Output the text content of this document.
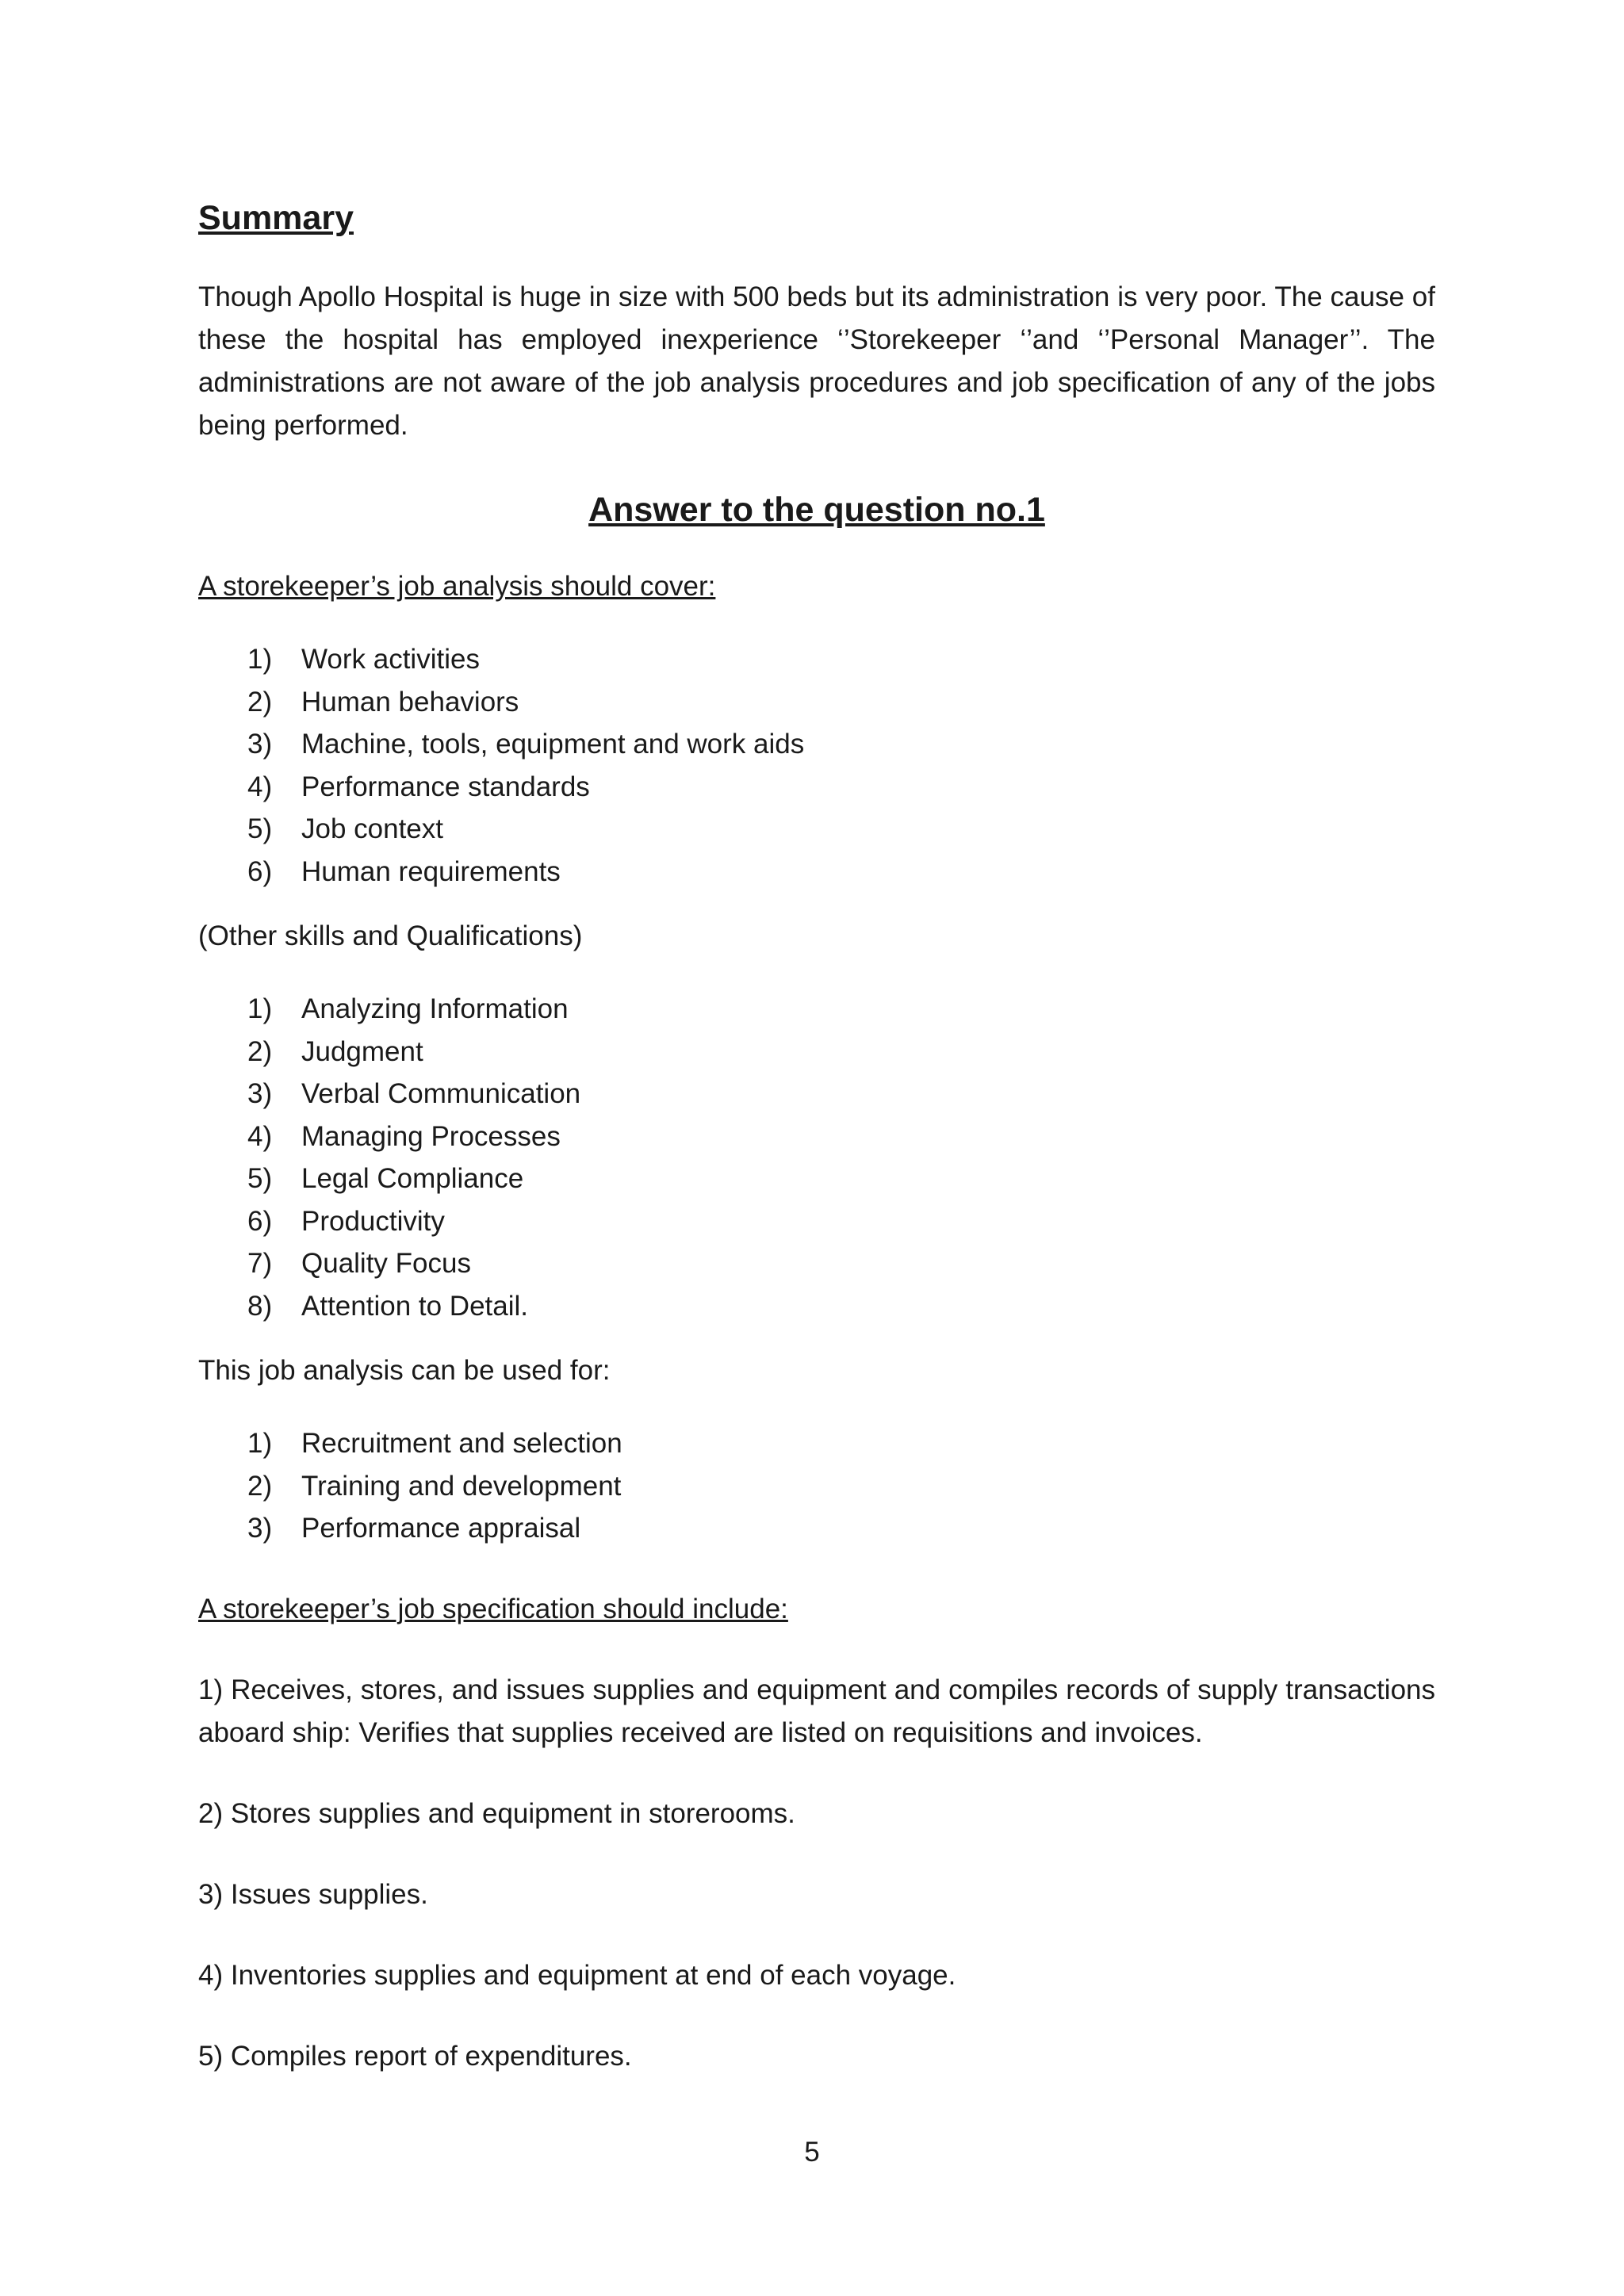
Summary

Though Apollo Hospital is huge in size with 500 beds but its administration is very poor. The cause of these the hospital has employed inexperience ‘’Storekeeper ‘’and ‘’Personal Manager’’. The administrations are not aware of the job analysis procedures and job specification of any of the jobs being performed.

Answer to the question no.1

A storekeeper’s job analysis should cover:

1)	Work activities
2)	Human behaviors
3)	Machine, tools, equipment and work aids
4)	Performance standards
5)	Job context
6)	Human requirements

(Other skills and Qualifications)

1)	Analyzing Information
2)	Judgment
3)	Verbal Communication
4)	Managing Processes
5)	Legal Compliance
6)	Productivity
7)	Quality Focus
8)	Attention to Detail.

This job analysis can be used for:

1)	Recruitment and selection
2)	Training and development
3)	Performance appraisal

A storekeeper’s job specification should include:

1) Receives, stores, and issues supplies and equipment and compiles records of supply transactions aboard ship: Verifies that supplies received are listed on requisitions and invoices.

2) Stores supplies and equipment in storerooms.

3) Issues supplies.

4) Inventories supplies and equipment at end of each voyage.

5) Compiles report of expenditures.

5
